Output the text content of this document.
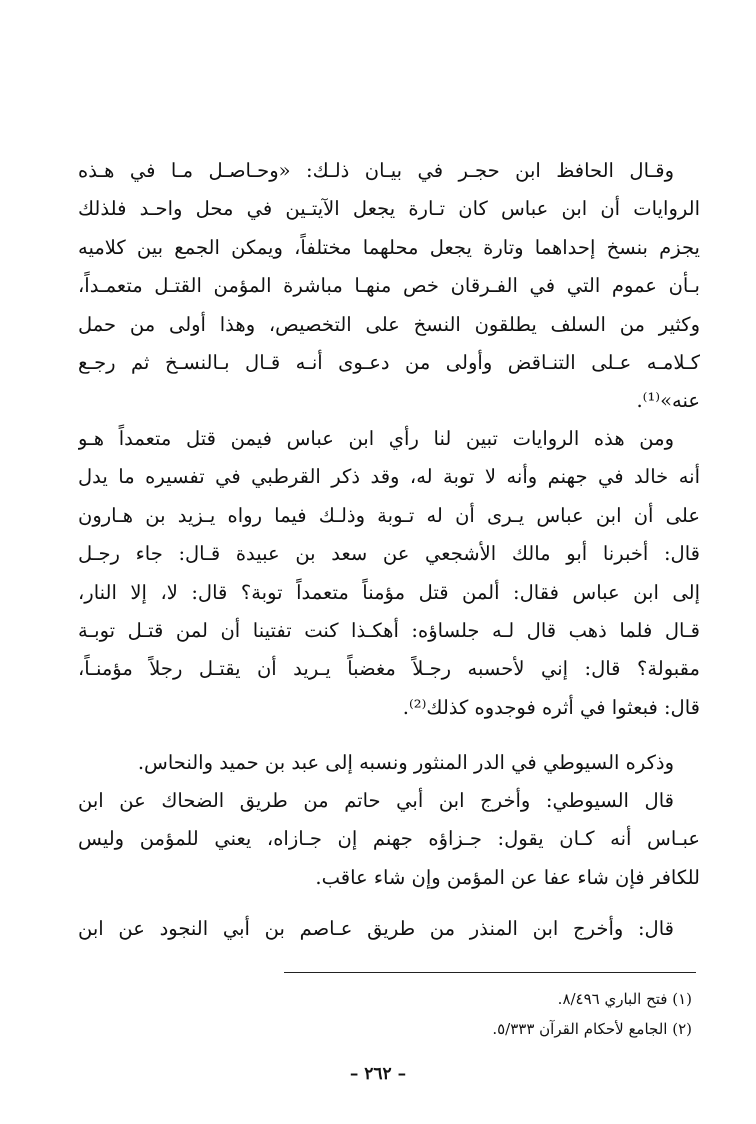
وقـال الحافظ ابن حجـر في بيـان ذلـك: «وحـاصـل مـا في هـذه
الروايات أن ابن عباس كان تـارة يجعل الآيتـين في محل واحـد فلذلك
يجزم بنسخ إحداهما وتارة يجعل محلهما مختلفاً، ويمكن الجمع بين كلاميه
بـأن عموم التي في الفـرقان خص منهـا مباشرة المؤمن القتـل متعمـداً،
وكثير من السلف يطلقون النسخ على التخصيص، وهذا أولى من حمل
كـلامـه عـلى التنـاقض وأولى من دعـوى أنـه قـال بـالنسـخ ثم رجـع
عنه»⁽¹⁾.
ومن هذه الروايات تبين لنا رأي ابن عباس فيمن قتل متعمداً هـو
أنه خالد في جهنم وأنه لا توبة له، وقد ذكر القرطبي في تفسيره ما يدل
على أن ابن عباس يـرى أن له تـوبة وذلـك فيما رواه يـزيد بن هـارون
قال: أخبرنا أبو مالك الأشجعي عن سعد بن عبيدة قـال: جاء رجـل
إلى ابن عباس فقال: ألمن قتل مؤمناً متعمداً توبة؟ قال: لا، إلا النار،
قـال فلما ذهب قال لـه جلساؤه: أهكـذا كنت تفتينا أن لمن قتـل توبـة
مقبولة؟ قال: إني لأحسبه رجـلاً مغضباً يـريد أن يقتـل رجلاً مؤمنـاً،
قال: فبعثوا في أثره فوجدوه كذلك⁽²⁾.
وذكره السيوطي في الدر المنثور ونسبه إلى عبد بن حميد والنحاس.
قال السيوطي: وأخرج ابن أبي حاتم من طريق الضحاك عن ابن
عبـاس أنه كـان يقول: جـزاؤه جهنم إن جـازاه، يعني للمؤمن وليس
للكافر فإن شاء عفا عن المؤمن وإن شاء عاقب.
قال: وأخرج ابن المنذر من طريق عـاصم بن أبي النجود عن ابن
(١) فتح الباري ٨/٤٩٦.
(٢) الجامع لأحكام القرآن ٥/٣٣٣.
– ٢٦٢ –
